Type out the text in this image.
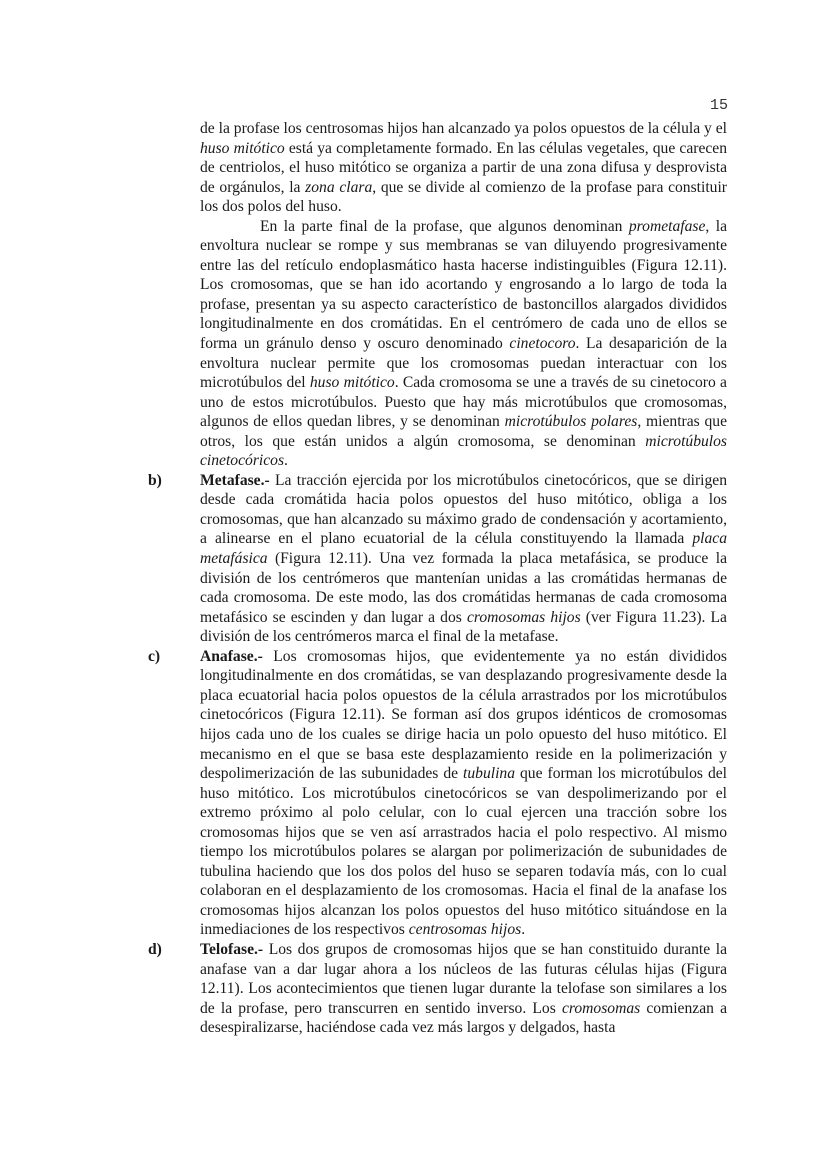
15

de la profase los centrosomas hijos han alcanzado ya polos opuestos de la célula y el huso mitótico está ya completamente formado. En las células vegetales, que carecen de centriolos, el huso mitótico se organiza a partir de una zona difusa y desprovista de orgánulos, la zona clara, que se divide al comienzo de la profase para constituir los dos polos del huso.

En la parte final de la profase, que algunos denominan prometafase, la envoltura nuclear se rompe y sus membranas se van diluyendo progresivamente entre las del retículo endoplasmático hasta hacerse indistinguibles (Figura 12.11). Los cromosomas, que se han ido acortando y engrosando a lo largo de toda la profase, presentan ya su aspecto característico de bastoncillos alargados divididos longitudinalmente en dos cromátidas. En el centrómero de cada uno de ellos se forma un gránulo denso y oscuro denominado cinetocoro. La desaparición de la envoltura nuclear permite que los cromosomas puedan interactuar con los microtúbulos del huso mitótico. Cada cromosoma se une a través de su cinetocoro a uno de estos microtúbulos. Puesto que hay más microtúbulos que cromosomas, algunos de ellos quedan libres, y se denominan microtúbulos polares, mientras que otros, los que están unidos a algún cromosoma, se denominan microtúbulos cinetocóricos.

b) Metafase.- La tracción ejercida por los microtúbulos cinetocóricos, que se dirigen desde cada cromátida hacia polos opuestos del huso mitótico, obliga a los cromosomas, que han alcanzado su máximo grado de condensación y acortamiento, a alinearse en el plano ecuatorial de la célula constituyendo la llamada placa metafásica (Figura 12.11). Una vez formada la placa metafásica, se produce la división de los centrómeros que mantenían unidas a las cromátidas hermanas de cada cromosoma. De este modo, las dos cromátidas hermanas de cada cromosoma metafásico se escinden y dan lugar a dos cromosomas hijos (ver Figura 11.23). La división de los centrómeros marca el final de la metafase.

c)	Anafase.- Los cromosomas hijos, que evidentemente ya no están divididos longitudinalmente en dos cromátidas, se van desplazando progresivamente desde la placa ecuatorial hacia polos opuestos de la célula arrastrados por los microtúbulos cinetocóricos (Figura 12.11). Se forman así dos grupos idénticos de cromosomas hijos cada uno de los cuales se dirige hacia un polo opuesto del huso mitótico. El mecanismo en el que se basa este desplazamiento reside en la polimerización y despolimerización de las subunidades de tubulina que forman los microtúbulos del huso mitótico. Los microtúbulos cinetocóricos se van despolimerizando por el extremo próximo al polo celular, con lo cual ejercen una tracción sobre los cromosomas hijos que se ven así arrastrados hacia el polo respectivo. Al mismo tiempo los microtúbulos polares se alargan por polimerización de subunidades de tubulina haciendo que los dos polos del huso se separen todavía más, con lo cual colaboran en el desplazamiento de los cromosomas. Hacia el final de la anafase los cromosomas hijos alcanzan los polos opuestos del huso mitótico situándose en la inmediaciones de los respectivos centrosomas hijos.

d) Telofase.- Los dos grupos de cromosomas hijos que se han constituido durante la anafase van a dar lugar ahora a los núcleos de las futuras células hijas (Figura 12.11). Los acontecimientos que tienen lugar durante la telofase son similares a los de la profase, pero transcurren en sentido inverso. Los cromosomas comienzan a desespiralizarse, haciéndose cada vez más largos y delgados, hasta
